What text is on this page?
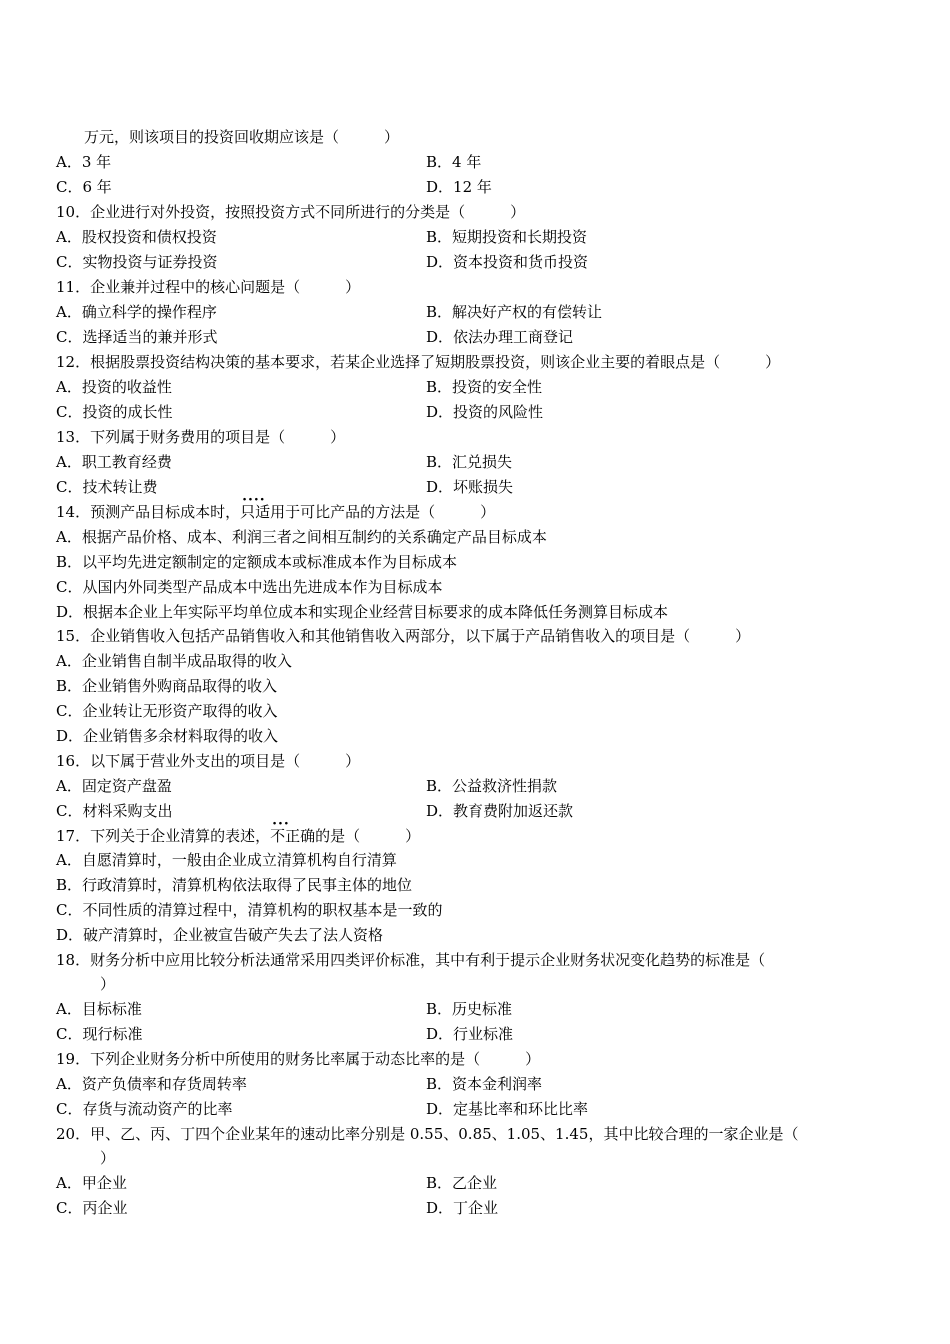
万元，则该项目的投资回收期应该是（　　　）
A．3 年	B．4 年
C．6 年	D．12 年
10．企业进行对外投资，按照投资方式不同所进行的分类是（　　　）
A．股权投资和债权投资	B．短期投资和长期投资
C．实物投资与证券投资	D．资本投资和货币投资
11．企业兼并过程中的核心问题是（　　　）
A．确立科学的操作程序	B．解决好产权的有偿转让
C．选择适当的兼并形式	D．依法办理工商登记
12．根据股票投资结构决策的基本要求，若某企业选择了短期股票投资，则该企业主要的着眼点是（　　　）
A．投资的收益性	B．投资的安全性
C．投资的成长性	D．投资的风险性
13．下列属于财务费用的项目是（　　　）
A．职工教育经费	B．汇兑损失
C．技术转让费	D．坏账损失
14．预测产品目标成本时，···· 只适用于可比产品的方法是（　　　）
A．根据产品价格、成本、利润三者之间相互制约的关系确定产品目标成本
B．以平均先进定额制定的定额成本或标准成本作为目标成本
C．从国内外同类型产品成本中选出先进成本作为目标成本
D．根据本企业上年实际平均单位成本和实现企业经营目标要求的成本降低任务测算目标成本
15．企业销售收入包括产品销售收入和其他销售收入两部分，以下属于产品销售收入的项目是（　　　）
A．企业销售自制半成品取得的收入
B．企业销售外购商品取得的收入
C．企业转让无形资产取得的收入
D．企业销售多余材料取得的收入
16．以下属于营业外支出的项目是（　　　）
A．固定资产盘盈	B．公益救济性捐款
C．材料采购支出	D．教育费附加返还款
17．下列关于企业清算的表述，··· 不正确的是（　　　）
A．自愿清算时，一般由企业成立清算机构自行清算
B．行政清算时，清算机构依法取得了民事主体的地位
C．不同性质的清算过程中，清算机构的职权基本是一致的
D．破产清算时，企业被宣告破产失去了法人资格
18．财务分析中应用比较分析法通常采用四类评价标准，其中有利于提示企业财务状况变化趋势的标准是（
）
A．目标标准	B．历史标准
C．现行标准	D．行业标准
19．下列企业财务分析中所使用的财务比率属于动态比率的是（　　　）
A．资产负债率和存货周转率	B．资本金利润率
C．存货与流动资产的比率	D．定基比率和环比比率
20．甲、乙、丙、丁四个企业某年的速动比率分别是 0.55、0.85、1.05、1.45，其中比较合理的一家企业是（
）
A．甲企业	B．乙企业
C．丙企业	D．丁企业
